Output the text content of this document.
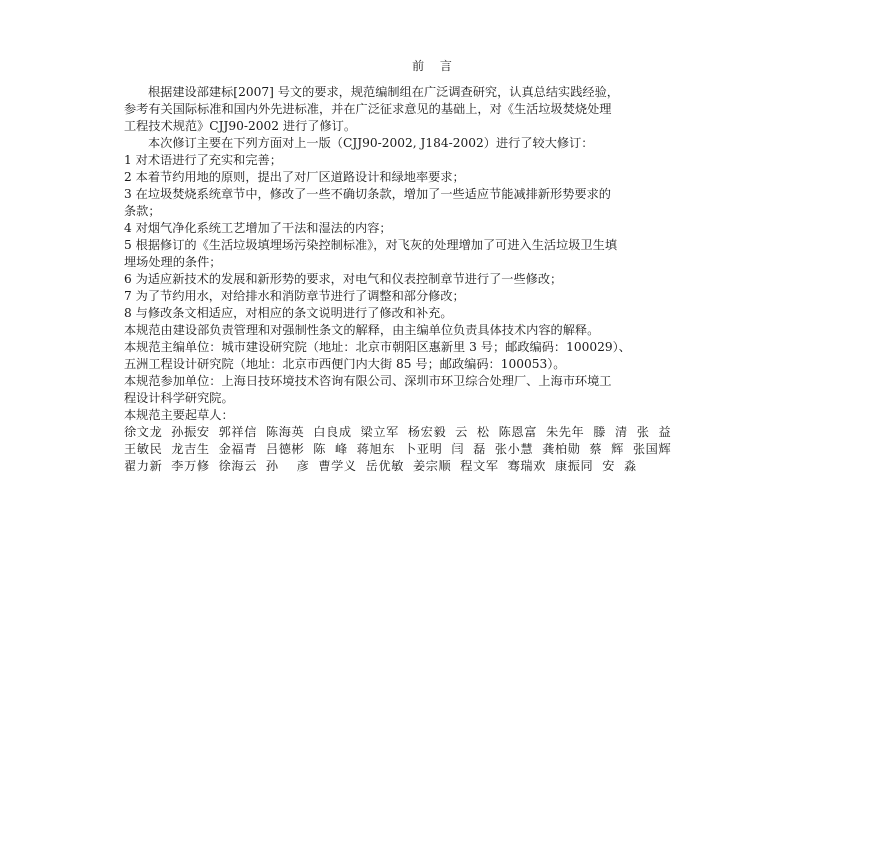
前 言
根据建设部建标[2007] 号文的要求，规范编制组在广泛调查研究，认真总结实践经验，
参考有关国际标准和国内外先进标准，并在广泛征求意见的基础上，对《生活垃圾焚烧处理
工程技术规范》CJJ90-2002 进行了修订。
本次修订主要在下列方面对上一版（CJJ90-2002, J184-2002）进行了较大修订：
1 对术语进行了充实和完善；
2 本着节约用地的原则，提出了对厂区道路设计和绿地率要求；
3 在垃圾焚烧系统章节中，修改了一些不确切条款，增加了一些适应节能减排新形势要求的
条款；
4 对烟气净化系统工艺增加了干法和湿法的内容；
5 根据修订的《生活垃圾填埋场污染控制标准》，对飞灰的处理增加了可进入生活垃圾卫生填
埋场处理的条件；
6 为适应新技术的发展和新形势的要求，对电气和仪表控制章节进行了一些修改；
7 为了节约用水，对给排水和消防章节进行了调整和部分修改；
8 与修改条文相适应，对相应的条文说明进行了修改和补充。
本规范由建设部负责管理和对强制性条文的解释，由主编单位负责具体技术内容的解释。
本规范主编单位：城市建设研究院（地址：北京市朝阳区惠新里 3 号；邮政编码：100029）、
五洲工程设计研究院（地址：北京市西便门内大街 85 号；邮政编码：100053）。
本规范参加单位：上海日技环境技术咨询有限公司、深圳市环卫综合处理厂、上海市环境工
程设计科学研究院。
本规范主要起草人：
徐文龙  孙振安  郭祥信  陈海英  白良成  梁立军  杨宏毅  云  松  陈恩富  朱先年  滕  清  张  益
王敏民  龙吉生  金福青  吕德彬  陈  峰  蒋旭东  卜亚明  闫  磊  张小慧  龚柏勋  蔡  辉  张国辉
翟力新  李万修  徐海云  孙    彦  曹学义  岳优敏  姜宗顺  程文军  骞瑞欢  康振同  安  淼
